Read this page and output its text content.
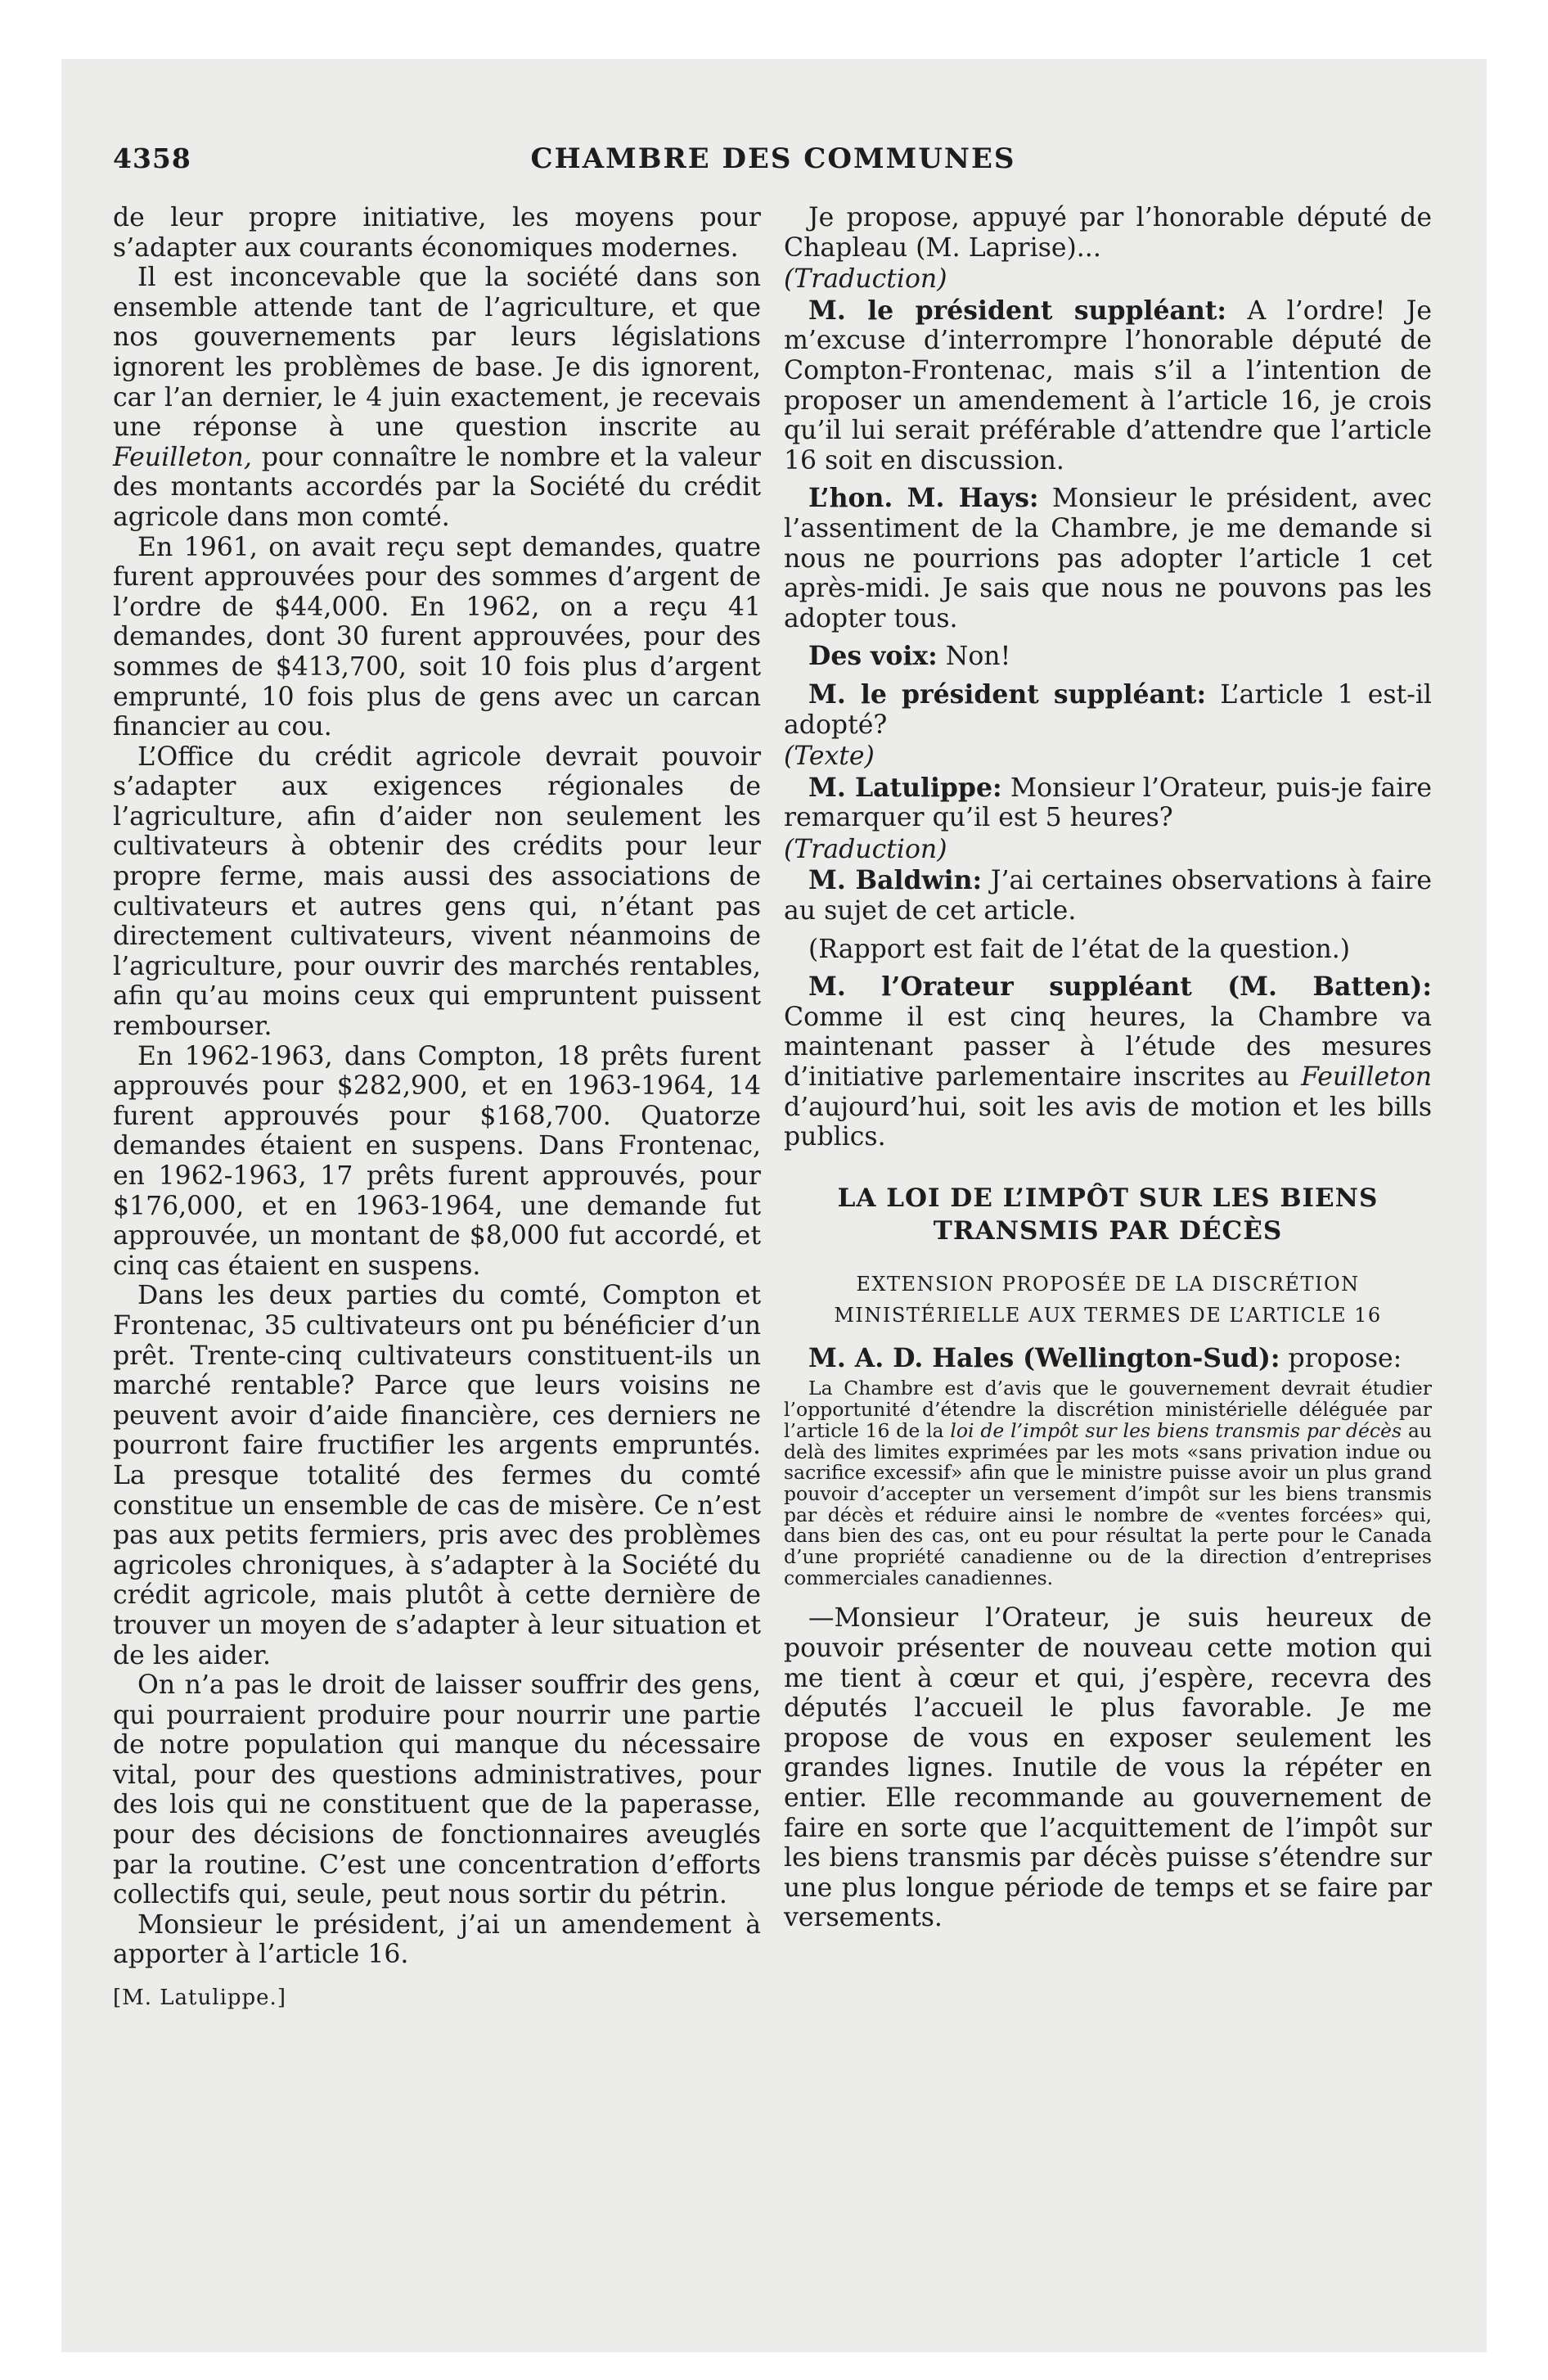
4358	CHAMBRE DES COMMUNES

de leur propre initiative, les moyens pour s’adapter aux courants économiques modernes.

Il est inconcevable que la société dans son ensemble attende tant de l’agriculture, et que nos gouvernements par leurs législations ignorent les problèmes de base. Je dis ignorent, car l’an dernier, le 4 juin exactement, je recevais une réponse à une question inscrite au Feuilleton, pour connaître le nombre et la valeur des montants accordés par la Société du crédit agricole dans mon comté.

En 1961, on avait reçu sept demandes, quatre furent approuvées pour des sommes d’argent de l’ordre de $44,000. En 1962, on a reçu 41 demandes, dont 30 furent approuvées, pour des sommes de $413,700, soit 10 fois plus d’argent emprunté, 10 fois plus de gens avec un carcan financier au cou.

L’Office du crédit agricole devrait pouvoir s’adapter aux exigences régionales de l’agriculture, afin d’aider non seulement les cultivateurs à obtenir des crédits pour leur propre ferme, mais aussi des associations de cultivateurs et autres gens qui, n’étant pas directement cultivateurs, vivent néanmoins de l’agriculture, pour ouvrir des marchés rentables, afin qu’au moins ceux qui empruntent puissent rembourser.

En 1962-1963, dans Compton, 18 prêts furent approuvés pour $282,900, et en 1963-1964, 14 furent approuvés pour $168,700. Quatorze demandes étaient en suspens. Dans Frontenac, en 1962-1963, 17 prêts furent approuvés, pour $176,000, et en 1963-1964, une demande fut approuvée, un montant de $8,000 fut accordé, et cinq cas étaient en suspens.

Dans les deux parties du comté, Compton et Frontenac, 35 cultivateurs ont pu bénéficier d’un prêt. Trente-cinq cultivateurs constituent-ils un marché rentable? Parce que leurs voisins ne peuvent avoir d’aide financière, ces derniers ne pourront faire fructifier les argents empruntés. La presque totalité des fermes du comté constitue un ensemble de cas de misère. Ce n’est pas aux petits fermiers, pris avec des problèmes agricoles chroniques, à s’adapter à la Société du crédit agricole, mais plutôt à cette dernière de trouver un moyen de s’adapter à leur situation et de les aider.

On n’a pas le droit de laisser souffrir des gens, qui pourraient produire pour nourrir une partie de notre population qui manque du nécessaire vital, pour des questions administratives, pour des lois qui ne constituent que de la paperasse, pour des décisions de fonctionnaires aveuglés par la routine. C’est une concentration d’efforts collectifs qui, seule, peut nous sortir du pétrin.

Monsieur le président, j’ai un amendement à apporter à l’article 16.

[M. Latulippe.]

Je propose, appuyé par l’honorable député de Chapleau (M. Laprise)...

(Traduction)

M. le président suppléant: A l’ordre! Je m’excuse d’interrompre l’honorable député de Compton-Frontenac, mais s’il a l’intention de proposer un amendement à l’article 16, je crois qu’il lui serait préférable d’attendre que l’article 16 soit en discussion.

L’hon. M. Hays: Monsieur le président, avec l’assentiment de la Chambre, je me demande si nous ne pourrions pas adopter l’article 1 cet après-midi. Je sais que nous ne pouvons pas les adopter tous.

Des voix: Non!

M. le président suppléant: L’article 1 est-il adopté?

(Texte)

M. Latulippe: Monsieur l’Orateur, puis-je faire remarquer qu’il est 5 heures?

(Traduction)

M. Baldwin: J’ai certaines observations à faire au sujet de cet article.

(Rapport est fait de l’état de la question.)

M. l’Orateur suppléant (M. Batten): Comme il est cinq heures, la Chambre va maintenant passer à l’étude des mesures d’initiative parlementaire inscrites au Feuilleton d’aujourd’hui, soit les avis de motion et les bills publics.

LA LOI DE L’IMPÔT SUR LES BIENS TRANSMIS PAR DÉCÈS
EXTENSION PROPOSÉE DE LA DISCRÉTION MINISTÉRIELLE AUX TERMES DE L’ARTICLE 16

M. A. D. Hales (Wellington-Sud): propose:

La Chambre est d’avis que le gouvernement devrait étudier l’opportunité d’étendre la discrétion ministérielle déléguée par l’article 16 de la loi de l’impôt sur les biens transmis par décès au delà des limites exprimées par les mots «sans privation indue ou sacrifice excessif» afin que le ministre puisse avoir un plus grand pouvoir d’accepter un versement d’impôt sur les biens transmis par décès et réduire ainsi le nombre de «ventes forcées» qui, dans bien des cas, ont eu pour résultat la perte pour le Canada d’une propriété canadienne ou de la direction d’entreprises commerciales canadiennes.

—Monsieur l’Orateur, je suis heureux de pouvoir présenter de nouveau cette motion qui me tient à cœur et qui, j’espère, recevra des députés l’accueil le plus favorable. Je me propose de vous en exposer seulement les grandes lignes. Inutile de vous la répéter en entier. Elle recommande au gouvernement de faire en sorte que l’acquittement de l’impôt sur les biens transmis par décès puisse s’étendre sur une plus longue période de temps et se faire par versements.
